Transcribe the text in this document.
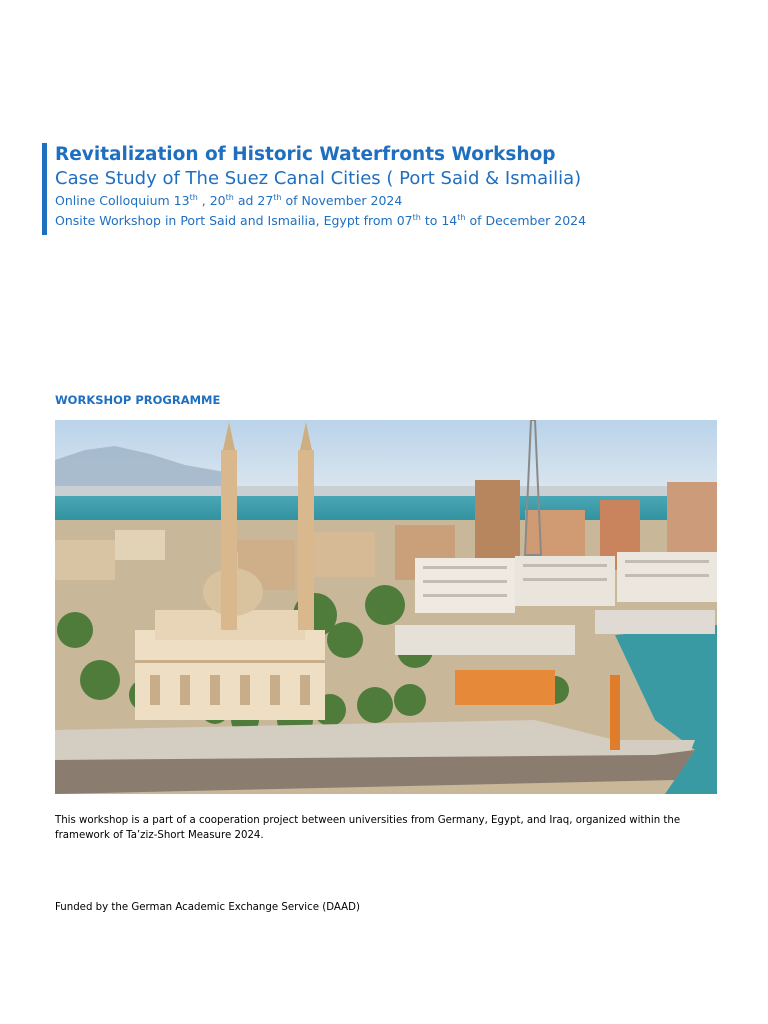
Revitalization of Historic Waterfronts Workshop

Case Study of The Suez Canal Cities ( Port Said & Ismailia)

Online Colloquium 13th , 20th ad 27th of November 2024

Onsite Workshop in Port Said and Ismailia, Egypt from 07th to 14th of December 2024

WORKSHOP PROGRAMME

This workshop is a part of a cooperation project between universities from Germany, Egypt, and Iraq, organized within the framework of Ta’ziz-Short Measure 2024.

Funded by the German Academic Exchange Service (DAAD)
